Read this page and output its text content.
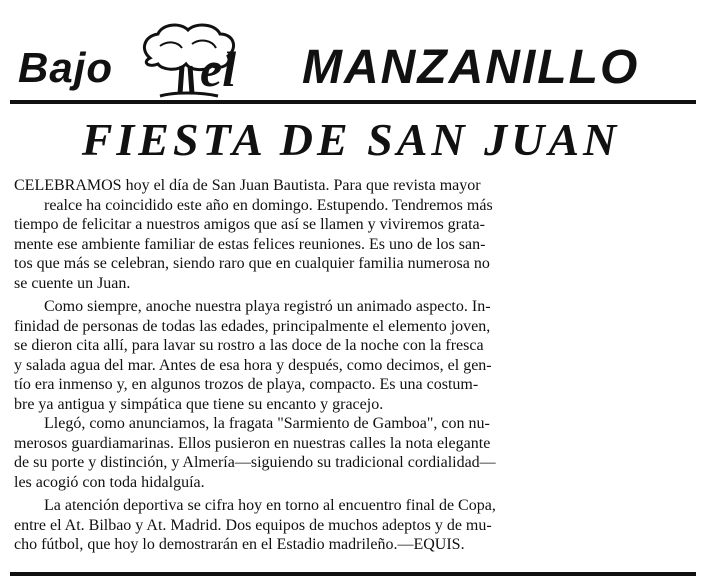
Bajo el MANZANILLO
FIESTA DE SAN JUAN

CELEBRAMOS hoy el día de San Juan Bautista. Para que revista mayor
realce ha coincidido este año en domingo. Estupendo. Tendremos más
tiempo de felicitar a nuestros amigos que así se llamen y viviremos grata-
mente ese ambiente familiar de estas felices reuniones. Es uno de los san-
tos que más se celebran, siendo raro que en cualquier familia numerosa no
se cuente un Juan.

Como siempre, anoche nuestra playa registró un animado aspecto. In-
finidad de personas de todas las edades, principalmente el elemento joven,
se dieron cita allí, para lavar su rostro a las doce de la noche con la fresca
y salada agua del mar. Antes de esa hora y después, como decimos, el gen-
tío era inmenso y, en algunos trozos de playa, compacto. Es una costum-
bre ya antigua y simpática que tiene su encanto y gracejo.

Llegó, como anunciamos, la fragata "Sarmiento de Gamboa", con nu-
merosos guardiamarinas. Ellos pusieron en nuestras calles la nota elegante
de su porte y distinción, y Almería—siguiendo su tradicional cordialidad—
les acogió con toda hidalguía.

La atención deportiva se cifra hoy en torno al encuentro final de Copa,
entre el At. Bilbao y At. Madrid. Dos equipos de muchos adeptos y de mu-
cho fútbol, que hoy lo demostrarán en el Estadio madrileño.—EQUIS.
